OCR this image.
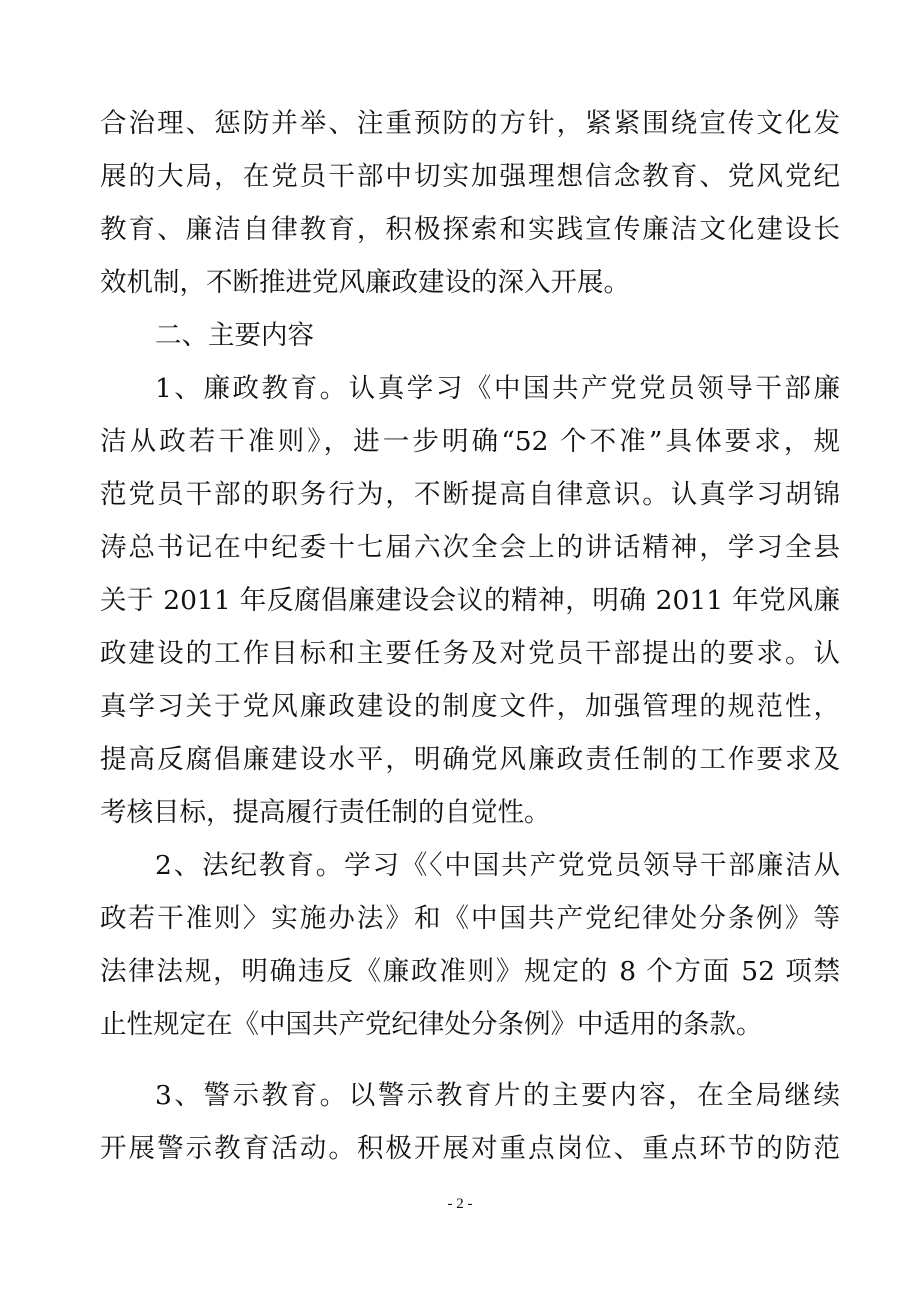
合治理、惩防并举、注重预防的方针，紧紧围绕宣传文化发
展的大局，在党员干部中切实加强理想信念教育、党风党纪
教育、廉洁自律教育，积极探索和实践宣传廉洁文化建设长
效机制，不断推进党风廉政建设的深入开展。
二、主要内容
1、廉政教育。认真学习《中国共产党党员领导干部廉
洁从政若干准则》，进一步明确“52 个不准”具体要求，规
范党员干部的职务行为，不断提高自律意识。认真学习胡锦
涛总书记在中纪委十七届六次全会上的讲话精神，学习全县
关于 2011 年反腐倡廉建设会议的精神，明确 2011 年党风廉
政建设的工作目标和主要任务及对党员干部提出的要求。认
真学习关于党风廉政建设的制度文件，加强管理的规范性，
提高反腐倡廉建设水平，明确党风廉政责任制的工作要求及
考核目标，提高履行责任制的自觉性。
2、法纪教育。学习《〈中国共产党党员领导干部廉洁从
政若干准则〉实施办法》和《中国共产党纪律处分条例》等
法律法规，明确违反《廉政准则》规定的 8 个方面 52 项禁
止性规定在《中国共产党纪律处分条例》中适用的条款。
3、警示教育。以警示教育片的主要内容，在全局继续
开展警示教育活动。积极开展对重点岗位、重点环节的防范
- 2 -
